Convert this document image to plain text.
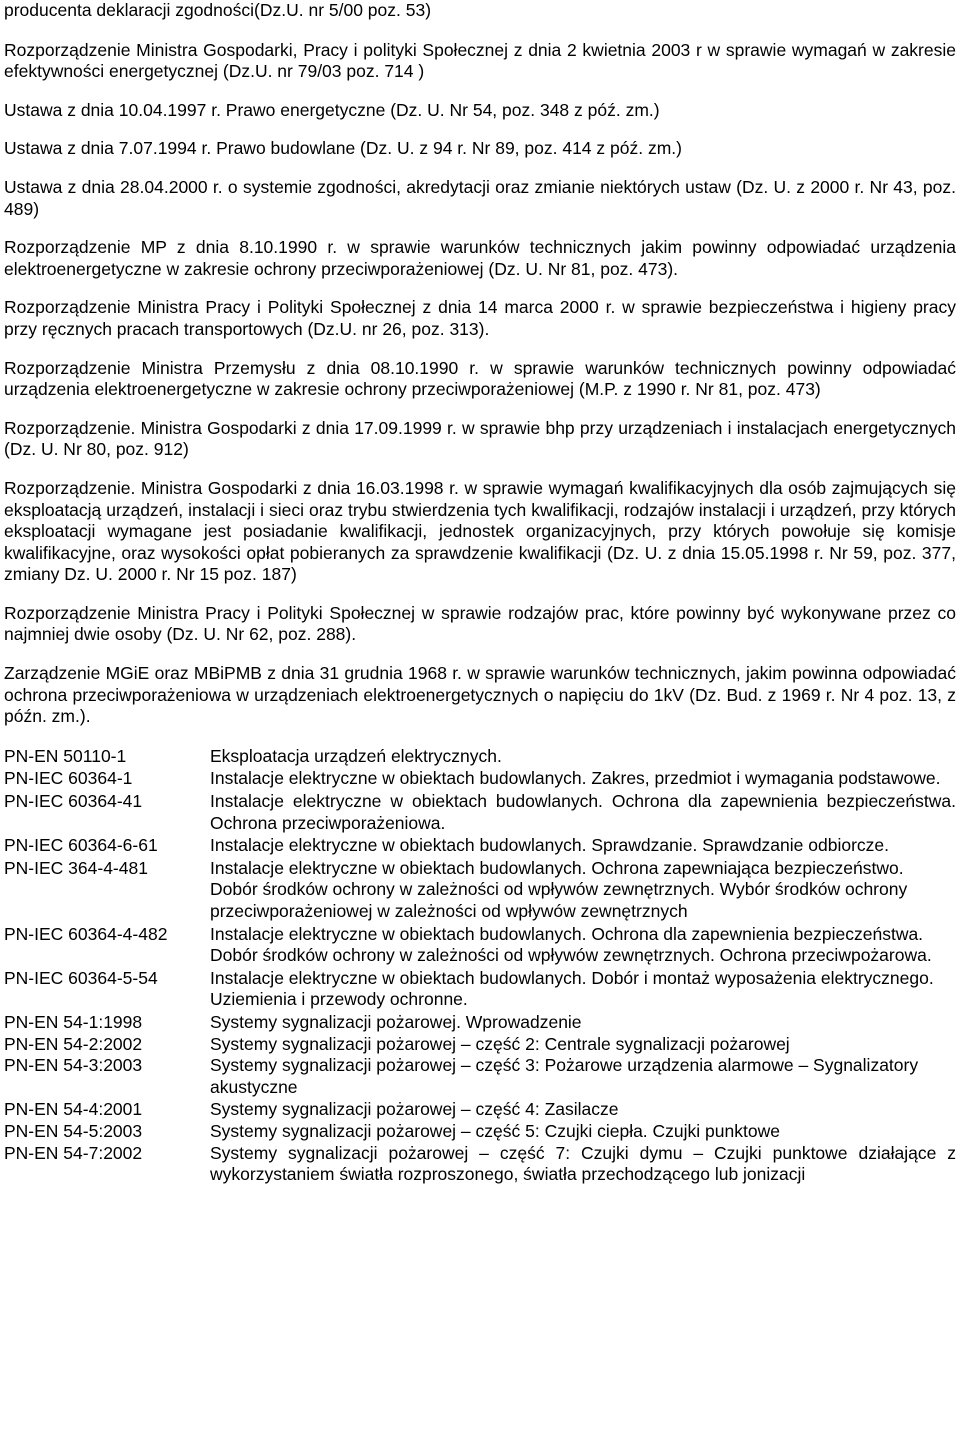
producenta deklaracji zgodności(Dz.U. nr 5/00 poz. 53)

Rozporządzenie Ministra Gospodarki, Pracy i polityki Społecznej z dnia 2 kwietnia 2003 r w sprawie wymagań w zakresie efektywności energetycznej (Dz.U. nr 79/03 poz. 714 )

Ustawa z dnia 10.04.1997 r. Prawo energetyczne (Dz. U. Nr 54, poz. 348 z póź. zm.)

Ustawa z dnia 7.07.1994 r. Prawo budowlane (Dz. U. z 94 r. Nr 89, poz. 414 z póź. zm.)

Ustawa z dnia 28.04.2000 r. o systemie zgodności, akredytacji oraz zmianie niektórych ustaw (Dz. U. z 2000 r. Nr 43, poz. 489)

Rozporządzenie MP z dnia 8.10.1990 r. w sprawie warunków technicznych jakim powinny odpowiadać urządzenia elektroenergetyczne w zakresie ochrony przeciwporażeniowej (Dz. U. Nr 81, poz. 473).

Rozporządzenie Ministra Pracy i Polityki Społecznej z dnia 14 marca 2000 r. w sprawie bezpieczeństwa i higieny pracy przy ręcznych pracach transportowych (Dz.U. nr 26, poz. 313).

Rozporządzenie Ministra Przemysłu z dnia 08.10.1990 r. w sprawie warunków technicznych powinny odpowiadać urządzenia elektroenergetyczne w zakresie ochrony przeciwporażeniowej (M.P. z 1990 r. Nr 81, poz. 473)

Rozporządzenie. Ministra Gospodarki z dnia 17.09.1999 r. w sprawie bhp przy urządzeniach i instalacjach energetycznych (Dz. U. Nr 80, poz. 912)

Rozporządzenie. Ministra Gospodarki z dnia 16.03.1998 r. w sprawie wymagań kwalifikacyjnych dla osób zajmujących się eksploatacją urządzeń, instalacji i sieci oraz trybu stwierdzenia tych kwalifikacji, rodzajów instalacji i urządzeń, przy których eksploatacji wymagane jest posiadanie kwalifikacji, jednostek organizacyjnych, przy których powołuje się komisje kwalifikacyjne, oraz wysokości opłat pobieranych za sprawdzenie kwalifikacji (Dz. U. z dnia 15.05.1998 r. Nr 59, poz. 377, zmiany Dz. U. 2000 r. Nr 15 poz. 187)

Rozporządzenie Ministra Pracy i Polityki Społecznej w sprawie rodzajów prac, które powinny być wykonywane przez co najmniej dwie osoby (Dz. U. Nr 62, poz. 288).

Zarządzenie MGiE oraz MBiPMB z dnia 31 grudnia 1968 r. w sprawie warunków technicznych, jakim powinna odpowiadać ochrona przeciwporażeniowa w urządzeniach elektroenergetycznych o napięciu do 1kV (Dz. Bud. z 1969 r. Nr 4 poz. 13, z późn. zm.).

PN-EN 50110-1	Eksploatacja urządzeń elektrycznych.
PN-IEC 60364-1	Instalacje elektryczne w obiektach budowlanych. Zakres, przedmiot i wymagania podstawowe.
PN-IEC 60364-41	Instalacje elektryczne w obiektach budowlanych. Ochrona dla zapewnienia bezpieczeństwa. Ochrona przeciwporażeniowa.
PN-IEC 60364-6-61	Instalacje elektryczne w obiektach budowlanych. Sprawdzanie. Sprawdzanie odbiorcze.
PN-IEC 364-4-481	Instalacje elektryczne w obiektach budowlanych. Ochrona zapewniająca bezpieczeństwo. Dobór środków ochrony w zależności od wpływów zewnętrznych. Wybór środków ochrony przeciwporażeniowej w zależności od wpływów zewnętrznych
PN-IEC 60364-4-482	Instalacje elektryczne w obiektach budowlanych. Ochrona dla zapewnienia bezpieczeństwa. Dobór środków ochrony w zależności od wpływów zewnętrznych. Ochrona przeciwpożarowa.
PN-IEC 60364-5-54	Instalacje elektryczne w obiektach budowlanych. Dobór i montaż wyposażenia elektrycznego. Uziemienia i przewody ochronne.
PN-EN 54-1:1998	Systemy sygnalizacji pożarowej. Wprowadzenie
PN-EN 54-2:2002	Systemy sygnalizacji pożarowej – część 2: Centrale sygnalizacji pożarowej
PN-EN 54-3:2003	Systemy sygnalizacji pożarowej – część 3: Pożarowe urządzenia alarmowe – Sygnalizatory akustyczne
PN-EN 54-4:2001	Systemy sygnalizacji pożarowej – część 4: Zasilacze
PN-EN 54-5:2003	Systemy sygnalizacji pożarowej – część 5: Czujki ciepła. Czujki punktowe
PN-EN 54-7:2002	Systemy sygnalizacji pożarowej – część 7: Czujki dymu – Czujki punktowe działające z wykorzystaniem światła rozproszonego, światła przechodzącego lub jonizacji
